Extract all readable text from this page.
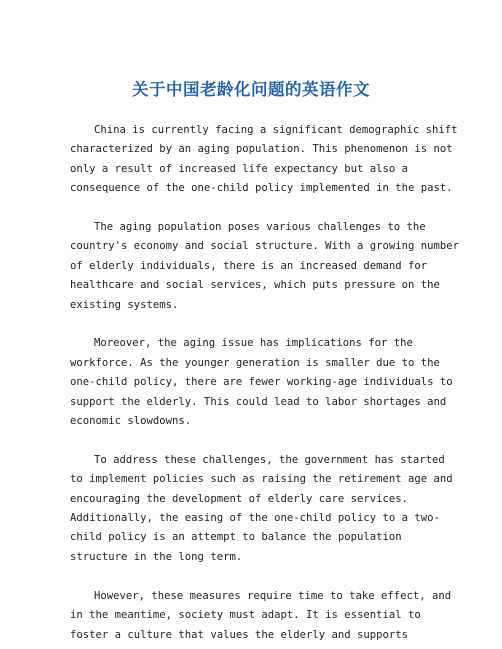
关于中国老龄化问题的英语作文

China is currently facing a significant demographic shift
characterized by an aging population. This phenomenon is not
only a result of increased life expectancy but also a
consequence of the one-child policy implemented in the past.

The aging population poses various challenges to the
country's economy and social structure. With a growing number
of elderly individuals, there is an increased demand for
healthcare and social services, which puts pressure on the
existing systems.

Moreover, the aging issue has implications for the
workforce. As the younger generation is smaller due to the
one-child policy, there are fewer working-age individuals to
support the elderly. This could lead to labor shortages and
economic slowdowns.

To address these challenges, the government has started
to implement policies such as raising the retirement age and
encouraging the development of elderly care services.
Additionally, the easing of the one-child policy to a two-
child policy is an attempt to balance the population
structure in the long term.

However, these measures require time to take effect, and
in the meantime, society must adapt. It is essential to
foster a culture that values the elderly and supports
